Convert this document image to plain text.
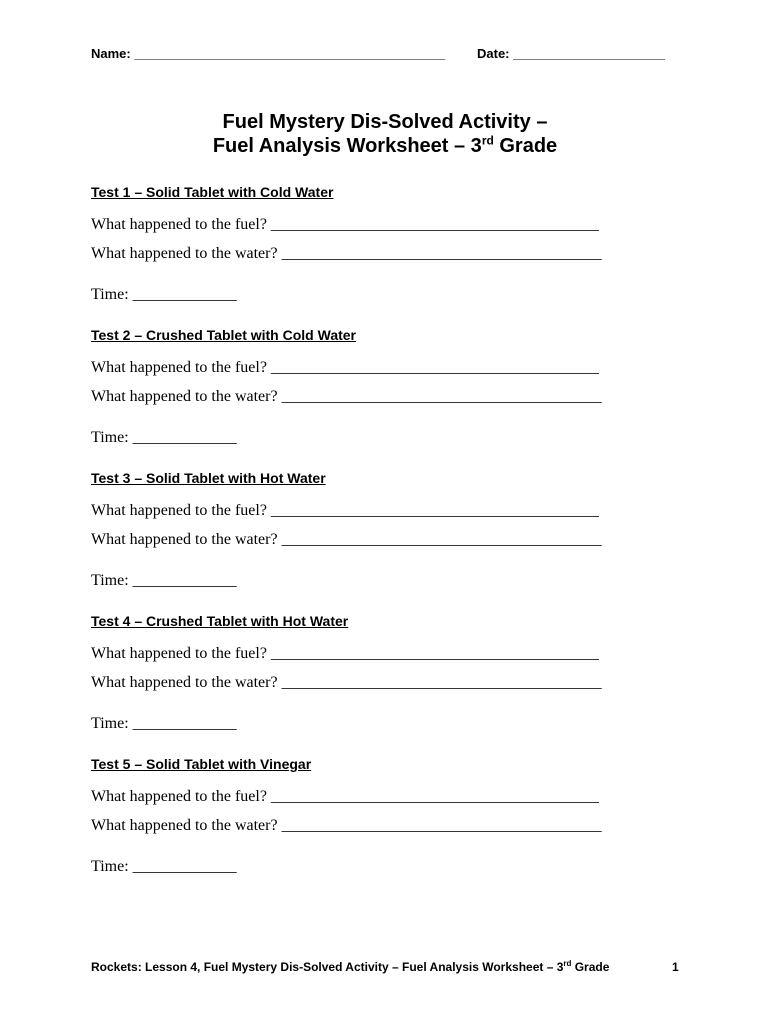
Name: ___________________________________________ Date: _____________________
Fuel Mystery Dis-Solved Activity –
Fuel Analysis Worksheet – 3rd Grade
Test 1 – Solid Tablet with Cold Water
What happened to the fuel? _________________________________________
What happened to the water? ________________________________________
Time: _____________
Test 2 – Crushed Tablet with Cold Water
What happened to the fuel? _________________________________________
What happened to the water? ________________________________________
Time: _____________
Test 3 – Solid Tablet with Hot Water
What happened to the fuel? _________________________________________
What happened to the water? ________________________________________
Time: _____________
Test 4 – Crushed Tablet with Hot Water
What happened to the fuel? _________________________________________
What happened to the water? ________________________________________
Time: _____________
Test 5 – Solid Tablet with Vinegar
What happened to the fuel? _________________________________________
What happened to the water? ________________________________________
Time: _____________
Rockets: Lesson 4, Fuel Mystery Dis-Solved Activity – Fuel Analysis Worksheet – 3rd Grade	1
